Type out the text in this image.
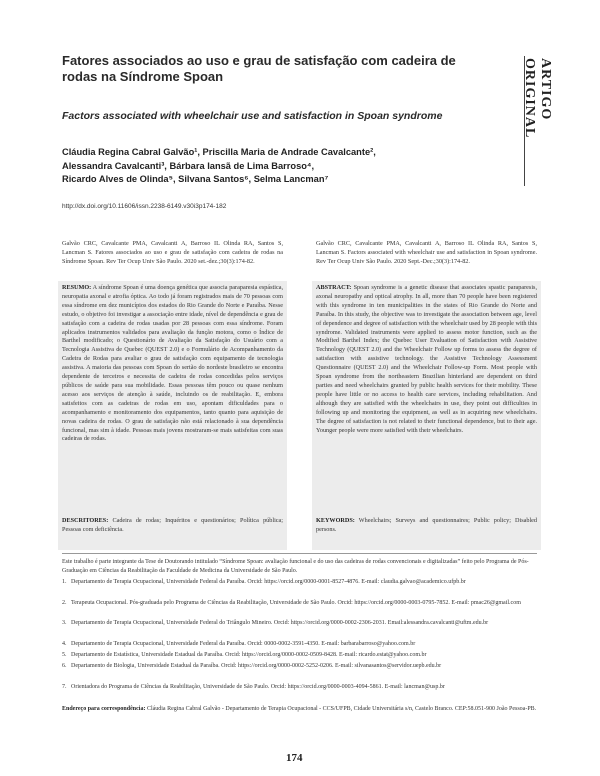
Fatores associados ao uso e grau de satisfação com cadeira de rodas na Síndrome Spoan
Factors associated with wheelchair use and satisfaction in Spoan syndrome	ARTIGO ORIGINAL
Cláudia Regina Cabral Galvão¹, Priscilla Maria de Andrade Cavalcante²,
Alessandra Cavalcanti³, Bárbara Iansã de Lima Barroso⁴,
Ricardo Alves de Olinda⁵, Silvana Santos⁶, Selma Lancman⁷
http://dx.doi.org/10.11606/issn.2238-6149.v30i3p174-182
Galvão CRC, Cavalcante PMA, Cavalcanti A, Barroso IL Olinda RA, Santos S, Lancman S. Fatores associados ao uso e grau de satisfação com cadeira de rodas na Síndrome Spoan. Rev Ter Ocup Univ São Paulo. 2020 set.-dez.;30(3):174-82.
Galvão CRC, Cavalcante PMA, Cavalcanti A, Barroso IL Olinda RA, Santos S, Lancman S. Factors associated with wheelchair use and satisfaction in Spoan syndrome. Rev Ter Ocup Univ São Paulo. 2020 Sept.-Dec.;30(3):174-82.
RESUMO: A síndrome Spoan é uma doença genética que associa paraparesia espástica, neuropatia axonal e atrofia óptica. Ao todo já foram registrados mais de 70 pessoas com essa síndrome em dez municípios dos estados do Rio Grande do Norte e Paraíba. Nesse estudo, o objetivo foi investigar a associação entre idade, nível de dependência e grau de satisfação com a cadeira de rodas usadas por 28 pessoas com essa síndrome. Foram aplicados instrumentos validados para avaliação da função motora, como o Índice de Barthel modificado; o Questionário de Avaliação da Satisfação do Usuário com a Tecnologia Assistiva de Quebec (QUEST 2.0) e o Formulário de Acompanhamento da Cadeira de Rodas para avaliar o grau de satisfação com equipamento de tecnologia assistiva. A maioria das pessoas com Spoan do sertão do nordeste brasileiro se encontra dependente de terceiros e necessita de cadeira de rodas concedidas pelos serviços públicos de saúde para sua mobilidade. Essas pessoas têm pouco ou quase nenhum acesso aos serviços de atenção à saúde, incluindo os de reabilitação. E, embora satisfeitos com as cadeiras de rodas em uso, apontam dificuldades para o acompanhamento e monitoramento dos equipamentos, tanto quanto para aquisição de novas cadeira de rodas. O grau de satisfação não está relacionado à sua dependência funcional, mas sim à idade. Pessoas mais jovens mostraram-se mais satisfeitas com suas cadeiras de rodas.
ABSTRACT: Spoan syndrome is a genetic disease that associates spastic paraparesis, axonal neuropathy and optical atrophy. In all, more than 70 people have been registered with this syndrome in ten municipalities in the states of Rio Grande do Norte and Paraíba. In this study, the objective was to investigate the association between age, level of dependence and degree of satisfaction with the wheelchair used by 28 people with this syndrome. Validated instruments were applied to assess motor function, such as the Modified Barthel Index; the Quebec User Evaluation of Satisfaction with Assistive Technology (QUEST 2.0) and the Wheelchair Follow up forms to assess the degree of satisfaction with assistive technology. the Assistive Technology Assessment Questionnaire (QUEST 2.0) and the Wheelchair Follow-up Form. Most people with Spoan syndrome from the northeastern Brazilian hinterland are dependent on third parties and need wheelchairs granted by public health services for their mobility. These people have little or no access to health care services, including rehabilitation. And although they are satisfied with the wheelchairs in use, they point out difficulties in following up and monitoring the equipment, as well as in acquiring new wheelchairs. The degree of satisfaction is not related to their functional dependence, but to their age. Younger people were more satisfied with their wheelchairs.
DESCRITORES: Cadeira de rodas; Inquéritos e questionários; Política pública; Pessoas com deficiência.
KEYWORDS: Wheelchairs; Surveys and questionnaires; Public policy; Disabled persons.
Este trabalho é parte integrante da Tese de Doutorando intitulado “Síndrome Spoan: avaliação funcional e do uso das cadeiras de rodas convencionais e digitalizadas” feito pelo Programa de Pós-Graduação em Ciências da Reabilitação da Faculdade de Medicina da Universidade de São Paulo.
1. Departamento de Terapia Ocupacional, Universidade Federal da Paraíba. Orcid: https://orcid.org/0000-0001-8527-4876. E-mail: claudia.galvao@academico.ufpb.br
2. Terapeuta Ocupacional. Pós-graduada pelo Programa de Ciências da Reabilitação, Universidade de São Paulo. Orcid: https://orcid.org/0000-0003-0795-7852. E-mail: pmac26@gmail.com
3. Departamento de Terapia Ocupacional, Universidade Federal do Triângulo Mineiro. Orcid: https://orcid.org/0000-0002-2306-2031. Email:alessandra.cavalcanti@uftm.edu.br
4. Departamento de Terapia Ocupacional, Universidade Federal da Paraíba. Orcid: 0000-0002-3591-4350. E-mail: barbarabarroso@yahoo.com.br
5. Departamento de Estatística, Universidade Estadual da Paraíba. Orcid: https://orcid.org/0000-0002-0509-8428. E-mail: ricardo.estat@yahoo.com.br
6. Departamento de Biologia, Universidade Estadual da Paraíba. Orcid: https://orcid.org/0000-0002-5252-0206. E-mail: silvanasantos@servidor.uepb.edu.br
7. Orientadora do Programa de Ciências da Reabilitação, Universidade de São Paulo. Orcid: https://orcid.org/0000-0003-4094-5861. E-mail: lancman@usp.br
Endereço para correspondência: Cláudia Regina Cabral Galvão - Departamento de Terapia Ocupacional - CCS/UFPB, Cidade Universitária s/n, Castelo Branco. CEP:58.051-900 João Pessoa-PB.
174
